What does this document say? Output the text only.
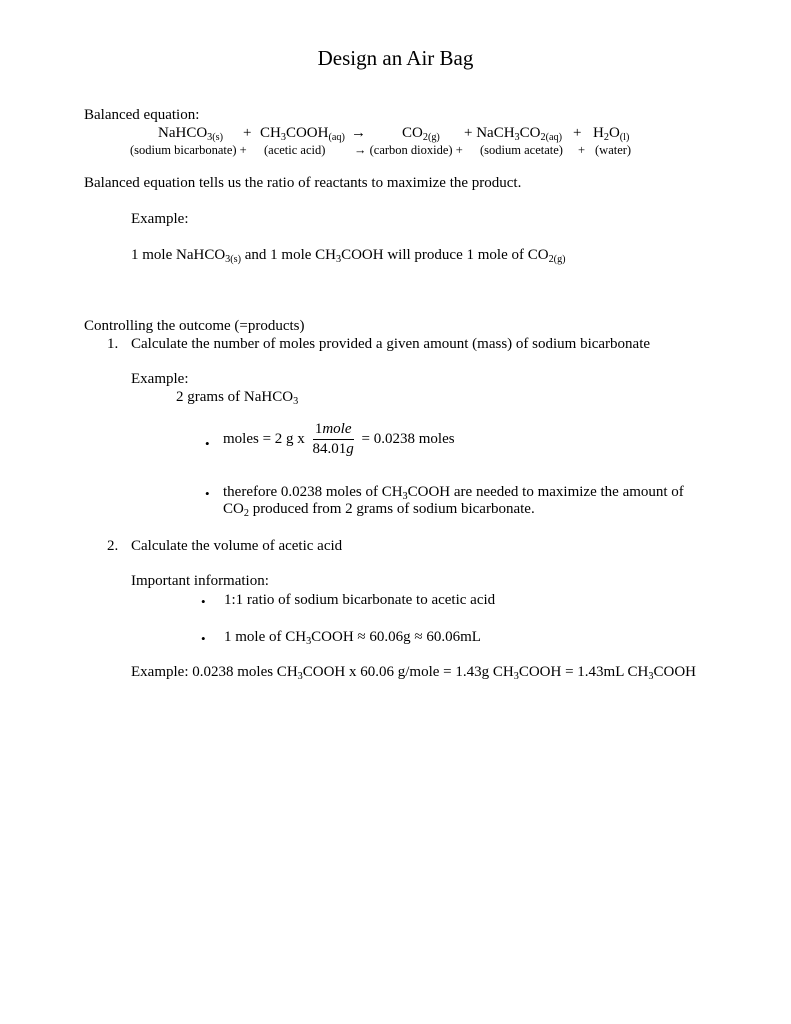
Design an Air Bag
Balanced equation:
NaHCO$_{3(s)}$ + $CH_3COOH_{(aq)} \to CO_{2(g)}$ + $NaCH_3CO_{2(aq)} + H_2O_{(l)}$
(sodium bicarbonate) + (acetic acid) → (carbon dioxide) + (sodium acetate) + (water)
Balanced equation tells us the ratio of reactants to maximize the product.
Example:
1 mole NaHCO$_{3(s)}$ and 1 mole $CH_3COOH$ will produce 1 mole of $CO_{2(g)}$
Controlling the outcome (=products)
1. Calculate the number of moles provided a given amount (mass) of sodium bicarbonate
Example:
2 grams of NaHCO$_3$
• moles = 2 g x $\frac{\text{1mole}}{84.01g} = 0.0238$ moles
• therefore 0.0238 moles of $CH_3COOH$ are needed to maximize the amount of
$CO_2$ produced from 2 grams of sodium bicarbonate.
2. Calculate the volume of acetic acid
Important information:
• 1:1 ratio of sodium bicarbonate to acetic acid
• 1 mole of $CH_3COOH \approx 60.06g \approx 60.06mL$
Example: 0.0238 moles $CH_3COOH$ x 60.06 g/mole = 1.43g $CH_3COOH = 1.43mL$ $CH_3COOH$
